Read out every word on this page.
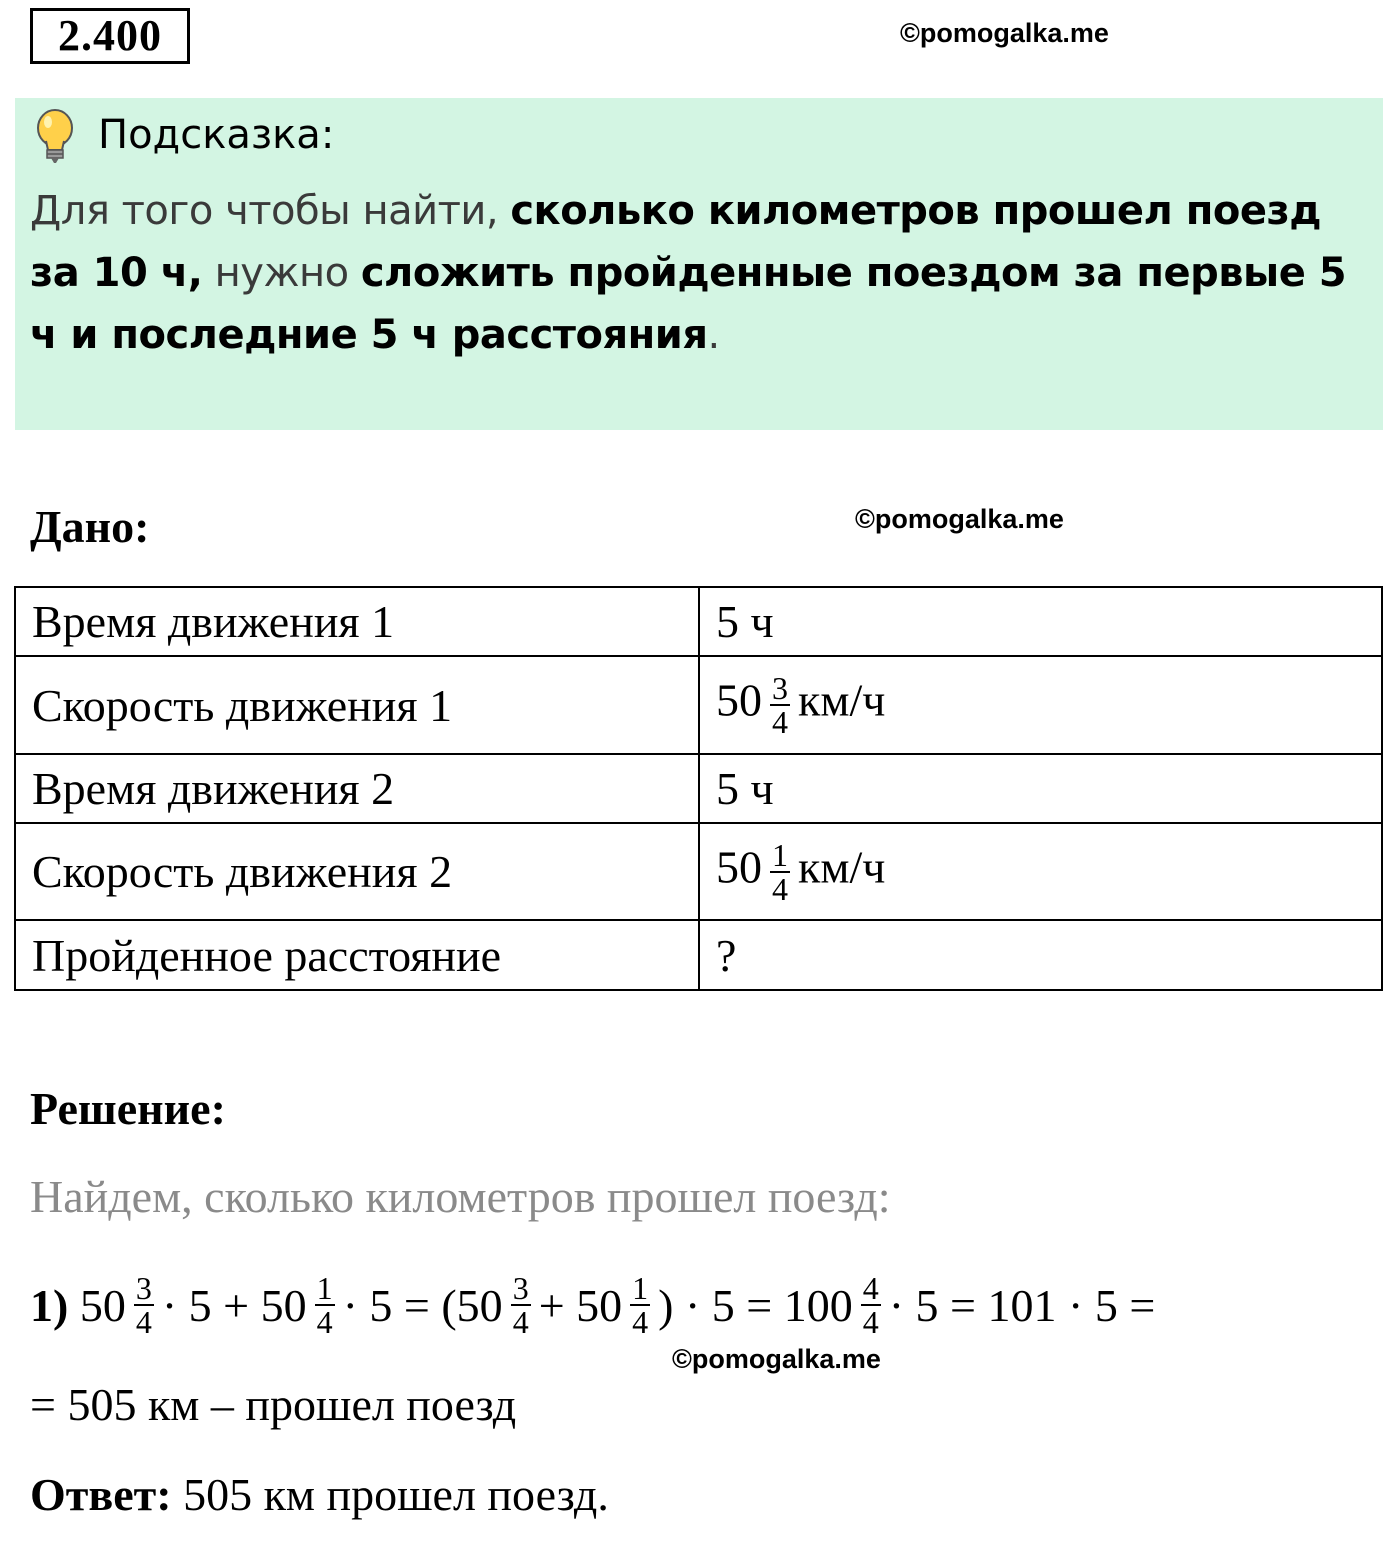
2.400	©pomogalka.me
Подсказка:
Для того чтобы найти, сколько километров прошел поезд за 10 ч, нужно сложить пройденные поездом за первые 5 ч и последние 5 ч расстояния.
Дано:	©pomogalka.me
Время движения 1	5 ч
Скорость движения 1	$50 \frac{3}{4} км/ч$
Время движения 2	5 ч
Скорость движения 2	$50 \frac{1}{4} км/ч$
Пройденное расстояние	?
Решение:
Найдем, сколько километров прошел поезд:
1)
$50 \frac{3}{4} \cdot 5 + 50 \frac{1}{4} \cdot 5 = (50 \frac{3}{4} + 50 \frac{1}{4}$ ) · $5 = 100 \frac{4}{4} \cdot 5 = 101 \cdot 5$ =
©pomogalka.me
= 505 км – прошел поезд
Ответ: 505 км прошел поезд.
